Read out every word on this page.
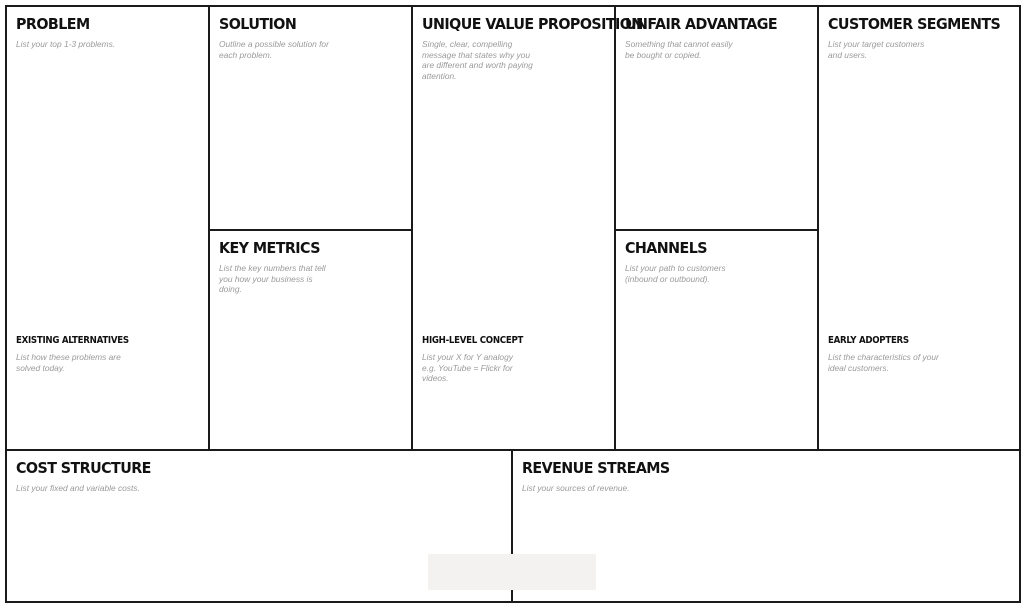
PROBLEM

List your top 1-3 problems.

EXISTING ALTERNATIVES

List how these problems are solved today.

SOLUTION

Outline a possible solution for each problem.

KEY METRICS

List the key numbers that tell you how your business is doing.

UNIQUE VALUE PROPOSITION

Single, clear, compelling message that states why you are different and worth paying attention.

HIGH-LEVEL CONCEPT

List your X for Y analogy e.g. YouTube = Flickr for videos.

UNFAIR ADVANTAGE

Something that cannot easily be bought or copied.

CHANNELS

List your path to customers (inbound or outbound).

CUSTOMER SEGMENTS

List your target customers and users.

EARLY ADOPTERS

List the characteristics of your ideal customers.

COST STRUCTURE

List your fixed and variable costs.

REVENUE STREAMS

List your sources of revenue.
